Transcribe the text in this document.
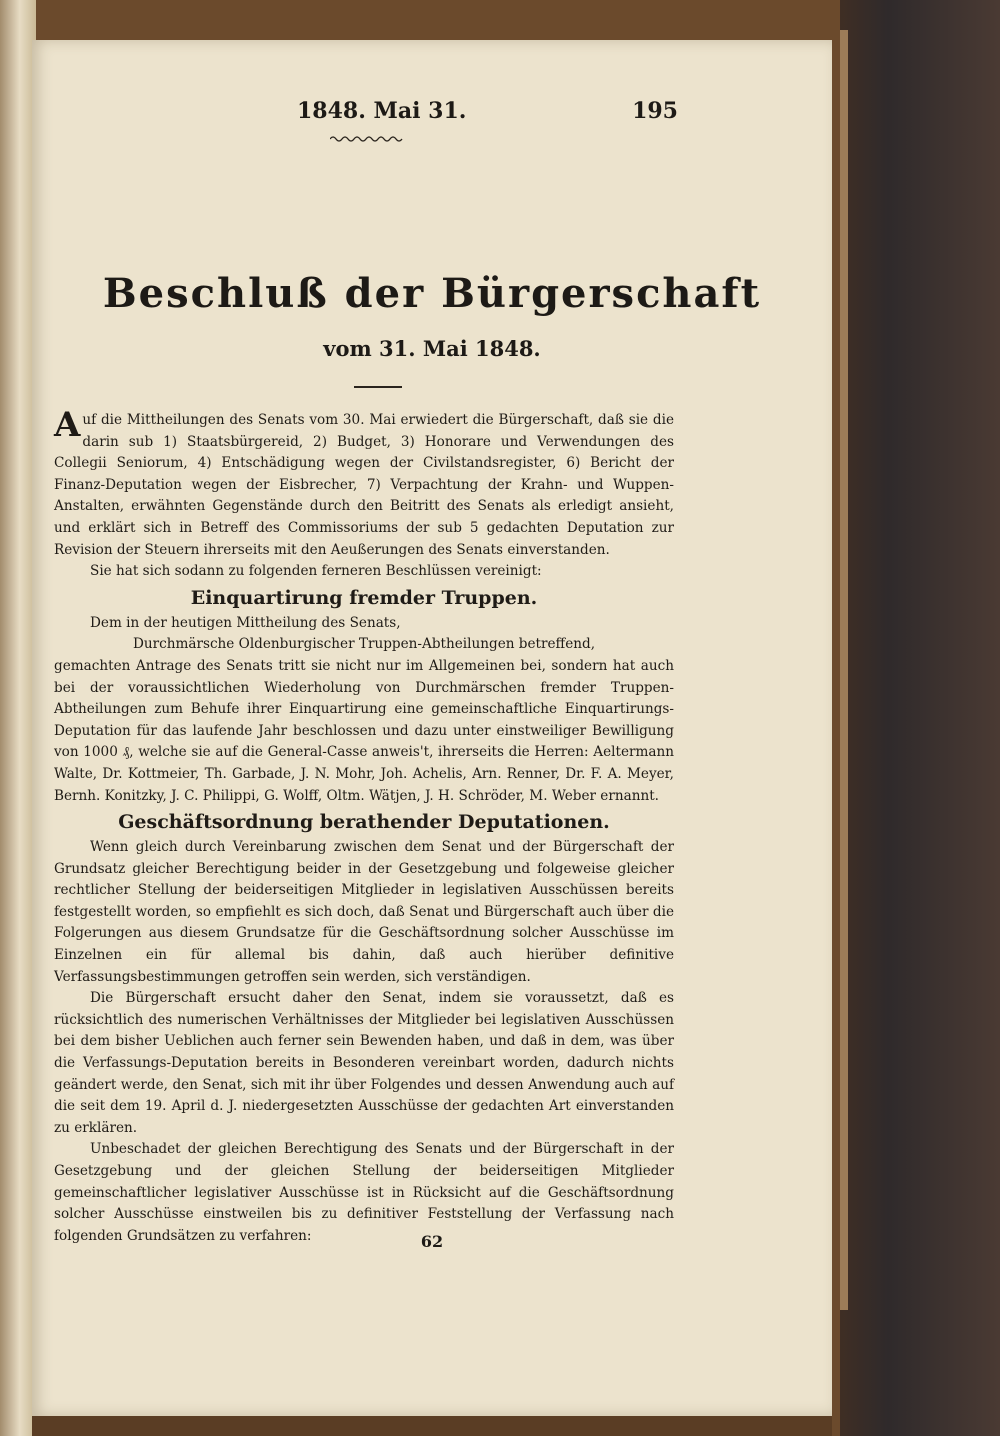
1848. Mai 31.	195
Beschluß der Bürgerschaft
vom 31. Mai 1848.

Auf die Mittheilungen des Senats vom 30. Mai erwiedert die Bürgerschaft, daß sie die darin sub 1) Staatsbürgereid, 2) Budget, 3) Honorare und Verwendungen des Collegii Seniorum, 4) Entschädigung wegen der Civilstandsregister, 6) Bericht der Finanz-Deputation wegen der Eisbrecher, 7) Verpachtung der Krahn- und Wuppen-Anstalten, erwähnten Gegenstände durch den Beitritt des Senats als erledigt ansieht, und erklärt sich in Betreff des Commissoriums der sub 5 gedachten Deputation zur Revision der Steuern ihrerseits mit den Aeußerungen des Senats einverstanden.

Sie hat sich sodann zu folgenden ferneren Beschlüssen vereinigt:

Einquartirung fremder Truppen.

Dem in der heutigen Mittheilung des Senats,

Durchmärsche Oldenburgischer Truppen-Abtheilungen betreffend,

gemachten Antrage des Senats tritt sie nicht nur im Allgemeinen bei, sondern hat auch bei der voraussichtlichen Wiederholung von Durchmärschen fremder Truppen-Abtheilungen zum Behufe ihrer Einquartirung eine gemeinschaftliche Einquartirungs-Deputation für das laufende Jahr beschlossen und dazu unter einstweiliger Bewilligung von 1000 ₰, welche sie auf die General-Casse anweis't, ihrerseits die Herren: Aeltermann Walte, Dr. Kottmeier, Th. Garbade, J. N. Mohr, Joh. Achelis, Arn. Renner, Dr. F. A. Meyer, Bernh. Konitzky, J. C. Philippi, G. Wolff, Oltm. Wätjen, J. H. Schröder, M. Weber ernannt.

Geschäftsordnung berathender Deputationen.

Wenn gleich durch Vereinbarung zwischen dem Senat und der Bürgerschaft der Grundsatz gleicher Berechtigung beider in der Gesetzgebung und folgeweise gleicher rechtlicher Stellung der beiderseitigen Mitglieder in legislativen Ausschüssen bereits festgestellt worden, so empfiehlt es sich doch, daß Senat und Bürgerschaft auch über die Folgerungen aus diesem Grundsatze für die Geschäftsordnung solcher Ausschüsse im Einzelnen ein für allemal bis dahin, daß auch hierüber definitive Verfassungsbestimmungen getroffen sein werden, sich verständigen.

Die Bürgerschaft ersucht daher den Senat, indem sie voraussetzt, daß es rücksichtlich des numerischen Verhältnisses der Mitglieder bei legislativen Ausschüssen bei dem bisher Ueblichen auch ferner sein Bewenden haben, und daß in dem, was über die Verfassungs-Deputation bereits in Besonderen vereinbart worden, dadurch nichts geändert werde, den Senat, sich mit ihr über Folgendes und dessen Anwendung auch auf die seit dem 19. April d. J. niedergesetzten Ausschüsse der gedachten Art einverstanden zu erklären.

Unbeschadet der gleichen Berechtigung des Senats und der Bürgerschaft in der Gesetzgebung und der gleichen Stellung der beiderseitigen Mitglieder gemeinschaftlicher legislativer Ausschüsse ist in Rücksicht auf die Geschäftsordnung solcher Ausschüsse einstweilen bis zu definitiver Feststellung der Verfassung nach folgenden Grundsätzen zu verfahren:	62
